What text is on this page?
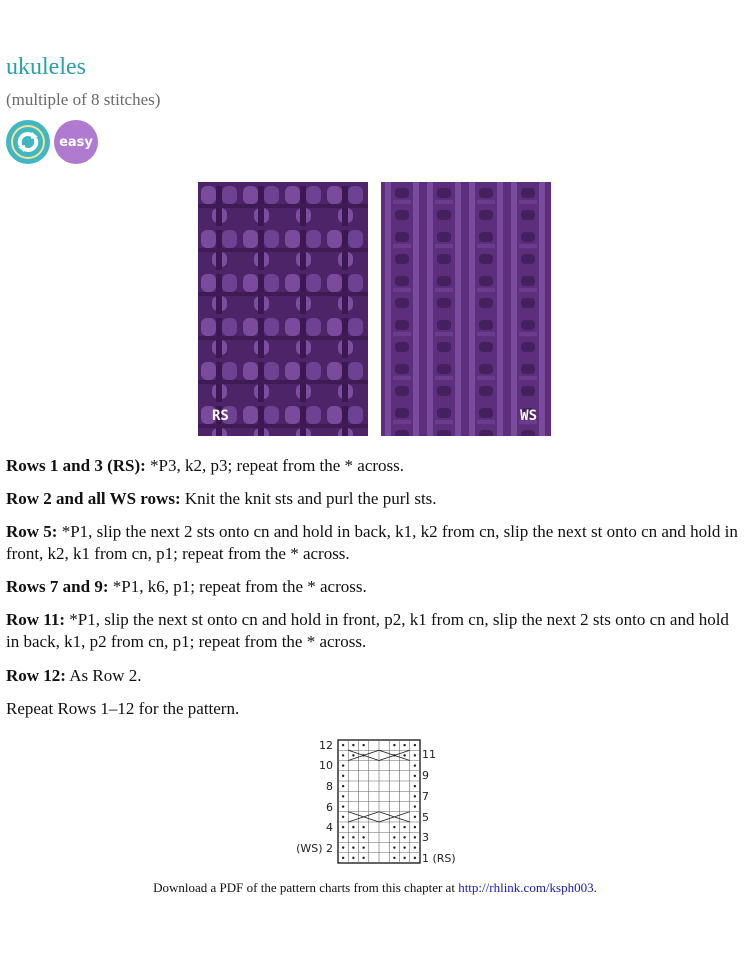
ukuleles
(multiple of 8 stitches)
easy
RS	WS

Rows 1 and 3 (RS): *P3, k2, p3; repeat from the * across.

Row 2 and all WS rows: Knit the knit sts and purl the purl sts.

Row 5: *P1, slip the next 2 sts onto cn and hold in back, k1, k2 from cn, slip the next st onto cn and hold in front, k2, k1 from cn, p1; repeat from the * across.

Rows 7 and 9: *P1, k6, p1; repeat from the * across.

Row 11: *P1, slip the next st onto cn and hold in front, p2, k1 from cn, slip the next 2 sts onto cn and hold in back, k1, p2 from cn, p1; repeat from the * across.

Row 12: As Row 2.

Repeat Rows 1–12 for the pattern.

12
10
8
6
4
(WS) 2
11
9
7
5
3
1 (RS)
Download a PDF of the pattern charts from this chapter at http://rhlink.com/ksph003.
